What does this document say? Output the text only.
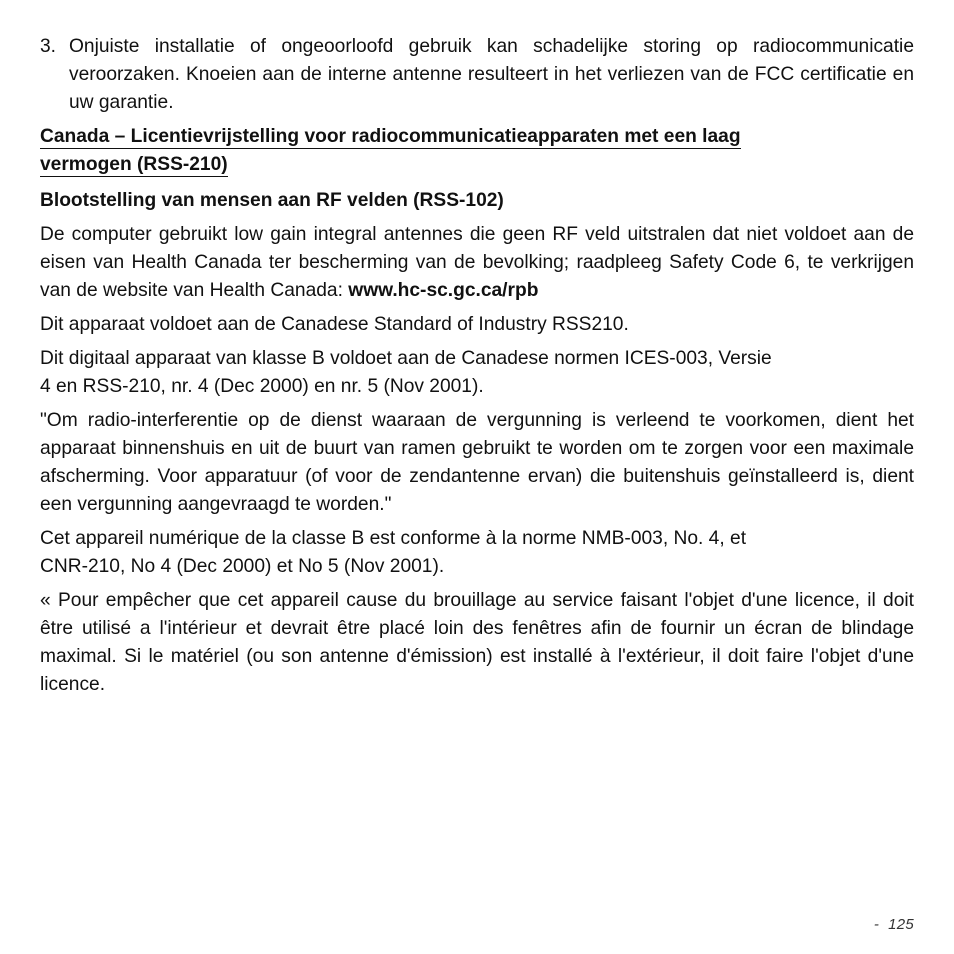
3. Onjuiste installatie of ongeoorloofd gebruik kan schadelijke storing op radiocommunicatie veroorzaken. Knoeien aan de interne antenne resulteert in het verliezen van de FCC certificatie en uw garantie.
Canada – Licentievrijstelling voor radiocommunicatieapparaten met een laag
vermogen (RSS-210)
Blootstelling van mensen aan RF velden (RSS-102)

De computer gebruikt low gain integral antennes die geen RF veld uitstralen dat niet voldoet aan de eisen van Health Canada ter bescherming van de bevolking; raadpleeg Safety Code 6, te verkrijgen van de website van Health Canada: www.hc-sc.gc.ca/rpb

Dit apparaat voldoet aan de Canadese Standard of Industry RSS210.

Dit digitaal apparaat van klasse B voldoet aan de Canadese normen ICES-003, Versie
4 en RSS-210, nr. 4 (Dec 2000) en nr. 5 (Nov 2001).

"Om radio-interferentie op de dienst waaraan de vergunning is verleend te voorkomen, dient het apparaat binnenshuis en uit de buurt van ramen gebruikt te worden om te zorgen voor een maximale afscherming. Voor apparatuur (of voor de zendantenne ervan) die buitenshuis geïnstalleerd is, dient een vergunning aangevraagd te worden."

Cet appareil numérique de la classe B est conforme à la norme NMB-003, No. 4, et
CNR-210, No 4 (Dec 2000) et No 5 (Nov 2001).

« Pour empêcher que cet appareil cause du brouillage au service faisant l'objet d'une licence, il doit être utilisé a l'intérieur et devrait être placé loin des fenêtres afin de fournir un écran de blindage maximal. Si le matériel (ou son antenne d'émission) est installé à l'extérieur, il doit faire l'objet d'une licence.

- 125
